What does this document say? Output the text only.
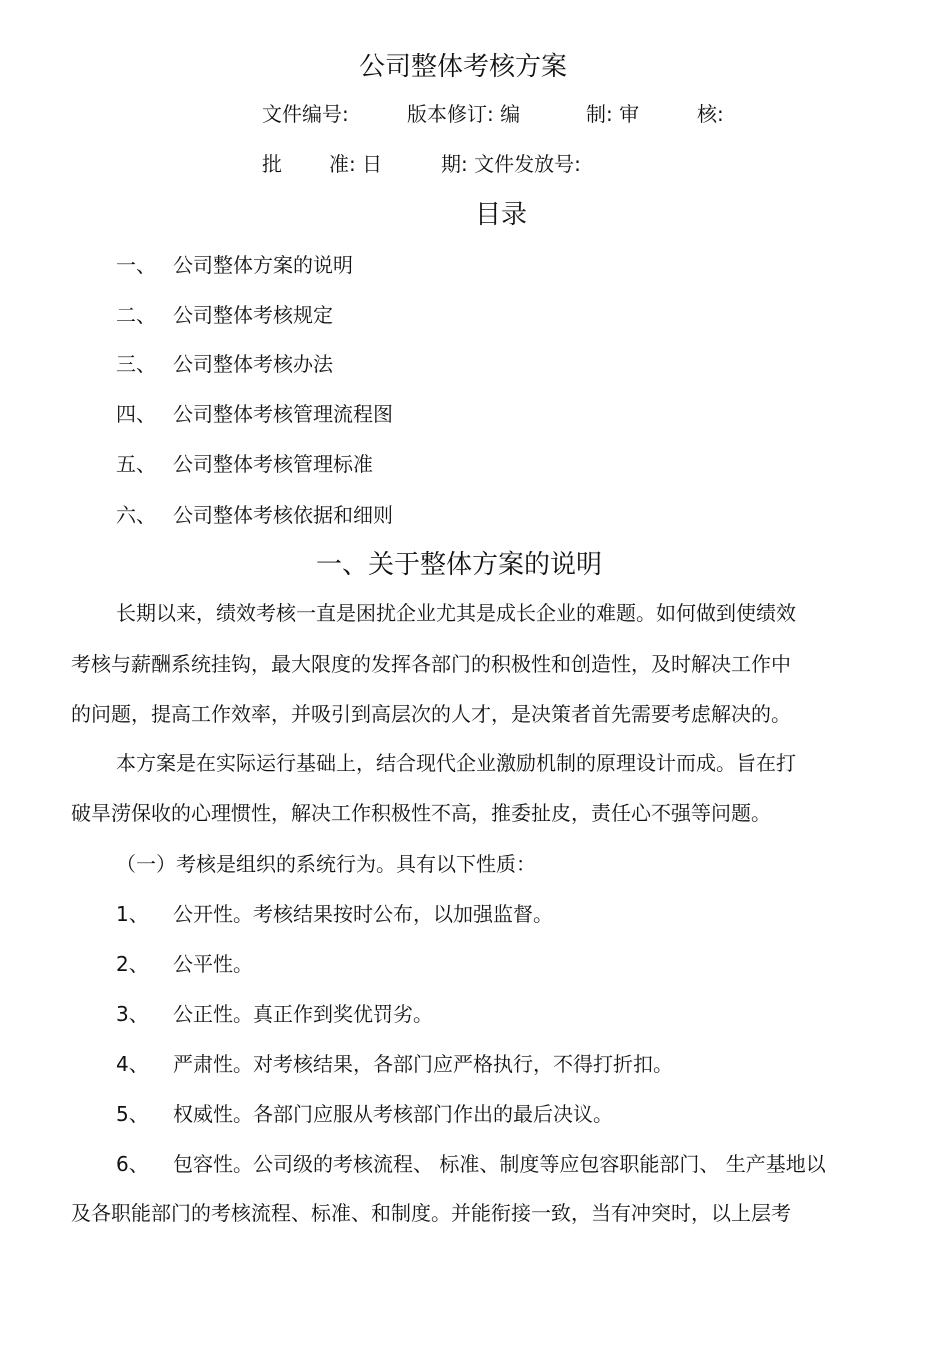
公司整体考核方案
文件编号:	版本修订: 编	制: 审	核:
批 准: 日	期: 文件发放号:
目录
一、 公司整体方案的说明
二、 公司整体考核规定
三、 公司整体考核办法
四、 公司整体考核管理流程图
五、 公司整体考核管理标准
六、 公司整体考核依据和细则
一、关于整体方案的说明
长期以来，绩效考核一直是困扰企业尤其是成长企业的难题。如何做到使绩效
考核与薪酬系统挂钩，最大限度的发挥各部门的积极性和创造性，及时解决工作中
的问题，提高工作效率，并吸引到高层次的人才，是决策者首先需要考虑解决的。
本方案是在实际运行基础上，结合现代企业激励机制的原理设计而成。旨在打
破旱涝保收的心理惯性，解决工作积极性不高，推委扯皮，责任心不强等问题。
（一）考核是组织的系统行为。具有以下性质：
1、 公开性。考核结果按时公布，以加强监督。
2、 公平性。
3、 公正性。真正作到奖优罚劣。
4、 严肃性。对考核结果，各部门应严格执行，不得打折扣。
5、 权威性。各部门应服从考核部门作出的最后决议。
6、 包容性。公司级的考核流程、 标准、制度等应包容职能部门、 生产基地以
及各职能部门的考核流程、标准、和制度。并能衔接一致，当有冲突时，以上层考
